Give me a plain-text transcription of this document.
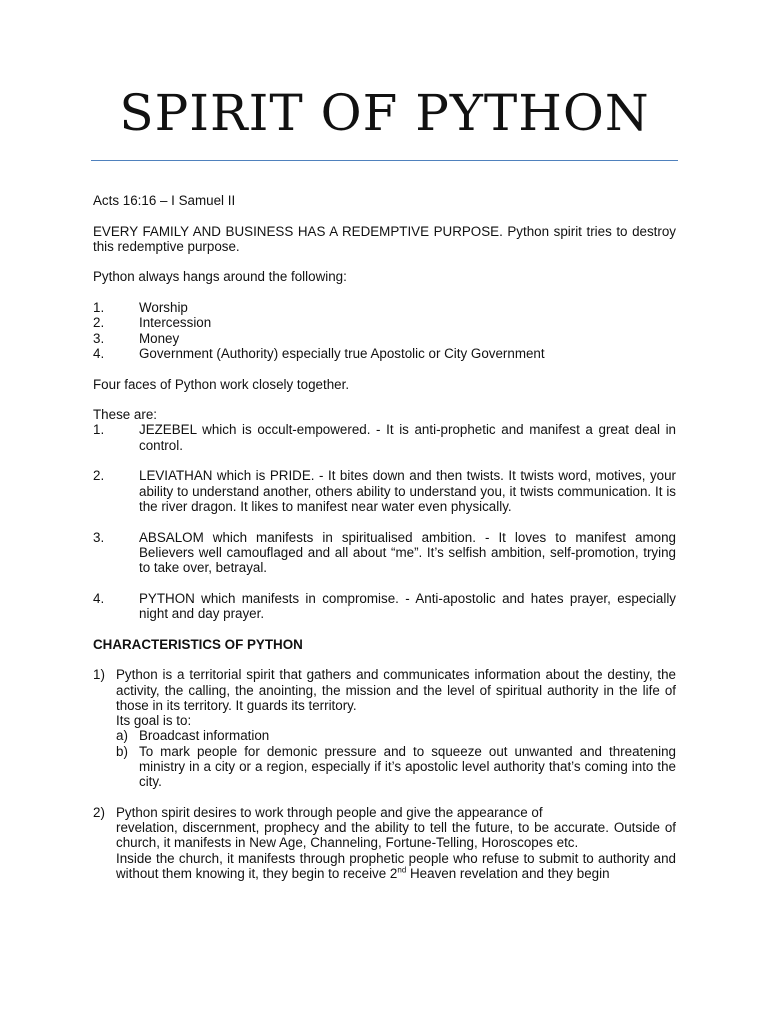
SPIRIT OF PYTHON

Acts 16:16 – I Samuel II

EVERY FAMILY AND BUSINESS HAS A REDEMPTIVE PURPOSE. Python spirit tries to destroy this redemptive purpose.

Python always hangs around the following:

1.	Worship
2.	Intercession
3.	Money
4.	Government (Authority) especially true Apostolic or City Government

Four faces of Python work closely together.

These are:

1.	JEZEBEL which is occult-empowered. - It is anti-prophetic and manifest a great deal in control.
2.	LEVIATHAN which is PRIDE. - It bites down and then twists. It twists word, motives, your ability to understand another, others ability to understand you, it twists communication. It is the river dragon. It likes to manifest near water even physically.
3.	ABSALOM which manifests in spiritualised ambition. - It loves to manifest among Believers well camouflaged and all about “me”. It’s selfish ambition, self-promotion, trying to take over, betrayal.
4.	PYTHON which manifests in compromise. - Anti-apostolic and hates prayer, especially night and day prayer.

CHARACTERISTICS OF PYTHON

1) Python is a territorial spirit that gathers and communicates information about the destiny, the activity, the calling, the anointing, the mission and the level of spiritual authority in the life of those in its territory. It guards its territory.

Its goal is to:

a) Broadcast information
b) To mark people for demonic pressure and to squeeze out unwanted and threatening ministry in a city or a region, especially if it’s apostolic level authority that’s coming into the city.
2) Python spirit desires to work through people and give the appearance of

revelation, discernment, prophecy and the ability to tell the future, to be accurate. Outside of church, it manifests in New Age, Channeling, Fortune-Telling, Horoscopes etc.

Inside the church, it manifests through prophetic people who refuse to submit to authority and without them knowing it, they begin to receive 2nd Heaven revelation and they begin
